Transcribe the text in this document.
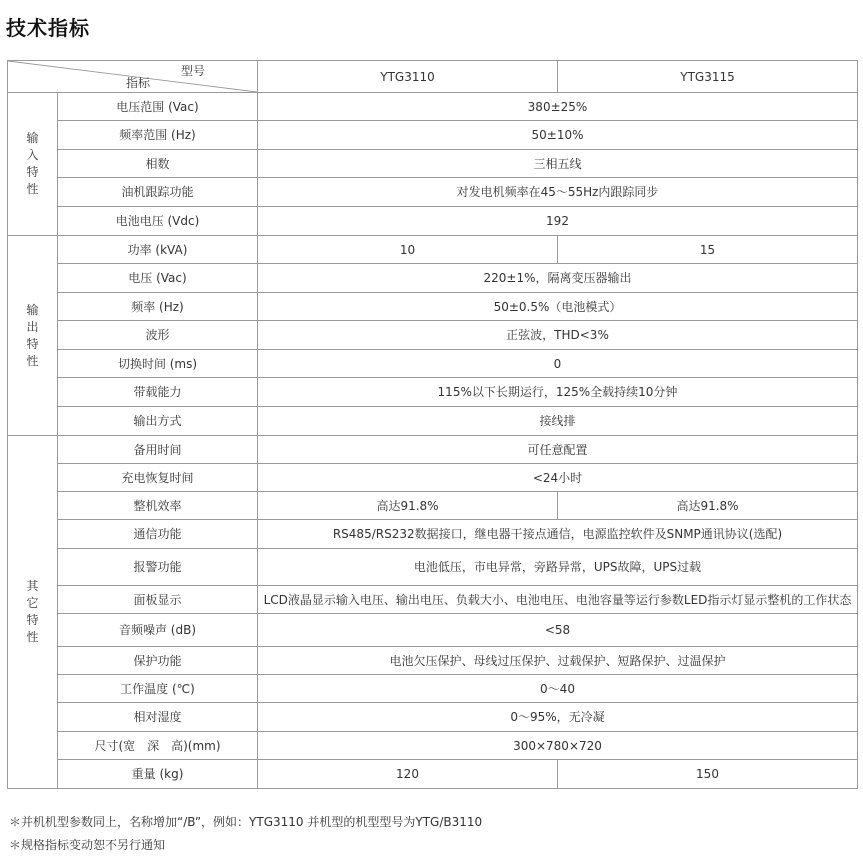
技术指标
型号
指标		YTG3110	YTG3115

输入特性	电压范围 (Vac)	380±25%	
	频率范围 (Hz)	50±10%	
	相数	三相五线	
	油机跟踪功能	对发电机频率在45～55Hz内跟踪同步	
	电池电压 (Vdc)	192	

输出特性	功率 (kVA)	10	15
	电压 (Vac)	220±1%，隔离变压器输出	
	频率 (Hz)	50±0.5%（电池模式）	
	波形	正弦波，THD<3%	
	切换时间 (ms)	0	
	带载能力	115%以下长期运行，125%全载持续10分钟	
	输出方式	接线排	

其它特性	备用时间	可任意配置	
	充电恢复时间	<24小时	
	整机效率	高达91.8%	高达91.8%
	通信功能	RS485/RS232数据接口，继电器干接点通信，电源监控软件及SNMP通讯协议(选配)	
	报警功能	电池低压，市电异常，旁路异常，UPS故障，UPS过载	
	面板显示	LCD液晶显示输入电压、输出电压、负载大小、电池电压、电池容量等运行参数LED指示灯显示整机的工作状态	
	音频噪声 (dB)	<58	
	保护功能	电池欠压保护、母线过压保护、过载保护、短路保护、过温保护	
	工作温度 (℃)	0～40	
	相对湿度	0～95%，无冷凝	
	尺寸(宽　深　高)(mm)	300×780×720	
	重量 (kg)	120	150

＊并机机型参数同上，名称增加“/B”，例如：YTG3110 并机型的机型型号为YTG/B3110

＊规格指标变动恕不另行通知
